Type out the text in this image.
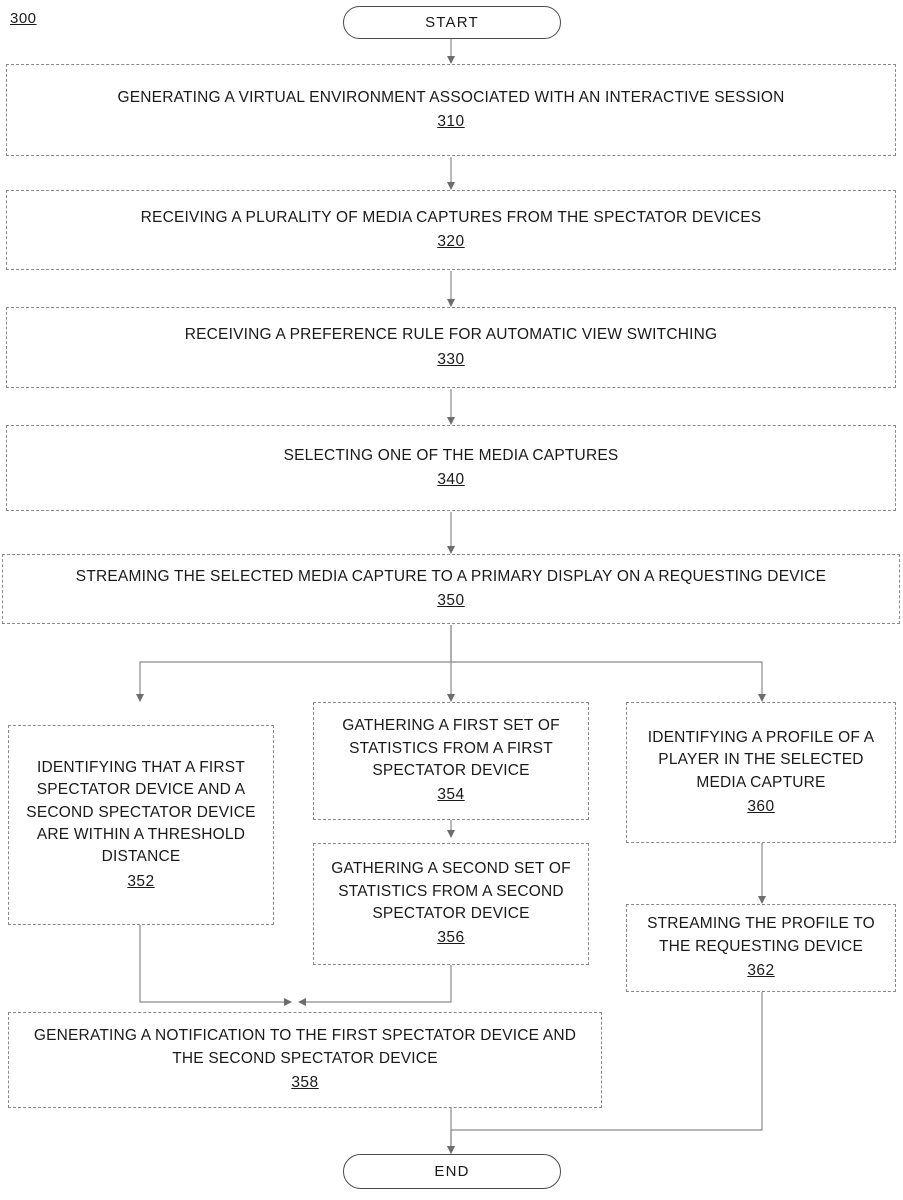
300	START
GENERATING A VIRTUAL ENVIRONMENT ASSOCIATED WITH AN INTERACTIVE SESSION
310
RECEIVING A PLURALITY OF MEDIA CAPTURES FROM THE SPECTATOR DEVICES
320
RECEIVING A PREFERENCE RULE FOR AUTOMATIC VIEW SWITCHING
330
SELECTING ONE OF THE MEDIA CAPTURES
340
STREAMING THE SELECTED MEDIA CAPTURE TO A PRIMARY DISPLAY ON A REQUESTING DEVICE
350
IDENTIFYING THAT A FIRST SPECTATOR DEVICE AND A SECOND SPECTATOR DEVICE ARE WITHIN A THRESHOLD DISTANCE
352
GATHERING A FIRST SET OF STATISTICS FROM A FIRST SPECTATOR DEVICE
354
GATHERING A SECOND SET OF STATISTICS FROM A SECOND SPECTATOR DEVICE
356
GENERATING A NOTIFICATION TO THE FIRST SPECTATOR DEVICE AND THE SECOND SPECTATOR DEVICE
358
IDENTIFYING A PROFILE OF A PLAYER IN THE SELECTED MEDIA CAPTURE
360
STREAMING THE PROFILE TO THE REQUESTING DEVICE
362
END
